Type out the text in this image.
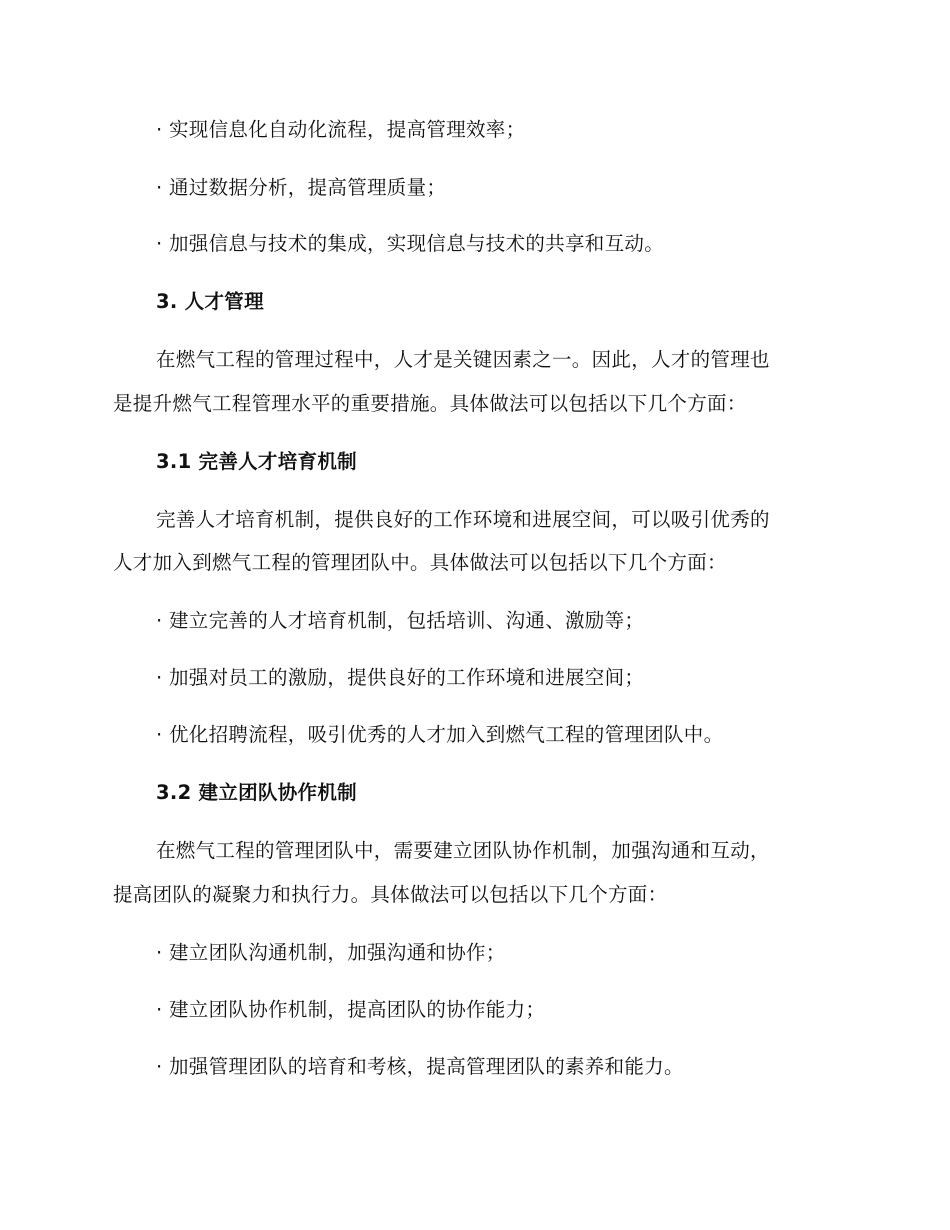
· 实现信息化自动化流程，提高管理效率；
· 通过数据分析，提高管理质量；
· 加强信息与技术的集成，实现信息与技术的共享和互动。
3. 人才管理
在燃气工程的管理过程中，人才是关键因素之一。因此，人才的管理也
是提升燃气工程管理水平的重要措施。具体做法可以包括以下几个方面：
3.1 完善人才培育机制
完善人才培育机制，提供良好的工作环境和进展空间，可以吸引优秀的
人才加入到燃气工程的管理团队中。具体做法可以包括以下几个方面：
· 建立完善的人才培育机制，包括培训、沟通、激励等；
· 加强对员工的激励，提供良好的工作环境和进展空间；
· 优化招聘流程，吸引优秀的人才加入到燃气工程的管理团队中。
3.2 建立团队协作机制
在燃气工程的管理团队中，需要建立团队协作机制，加强沟通和互动，
提高团队的凝聚力和执行力。具体做法可以包括以下几个方面：
· 建立团队沟通机制，加强沟通和协作；
· 建立团队协作机制，提高团队的协作能力；
· 加强管理团队的培育和考核，提高管理团队的素养和能力。
